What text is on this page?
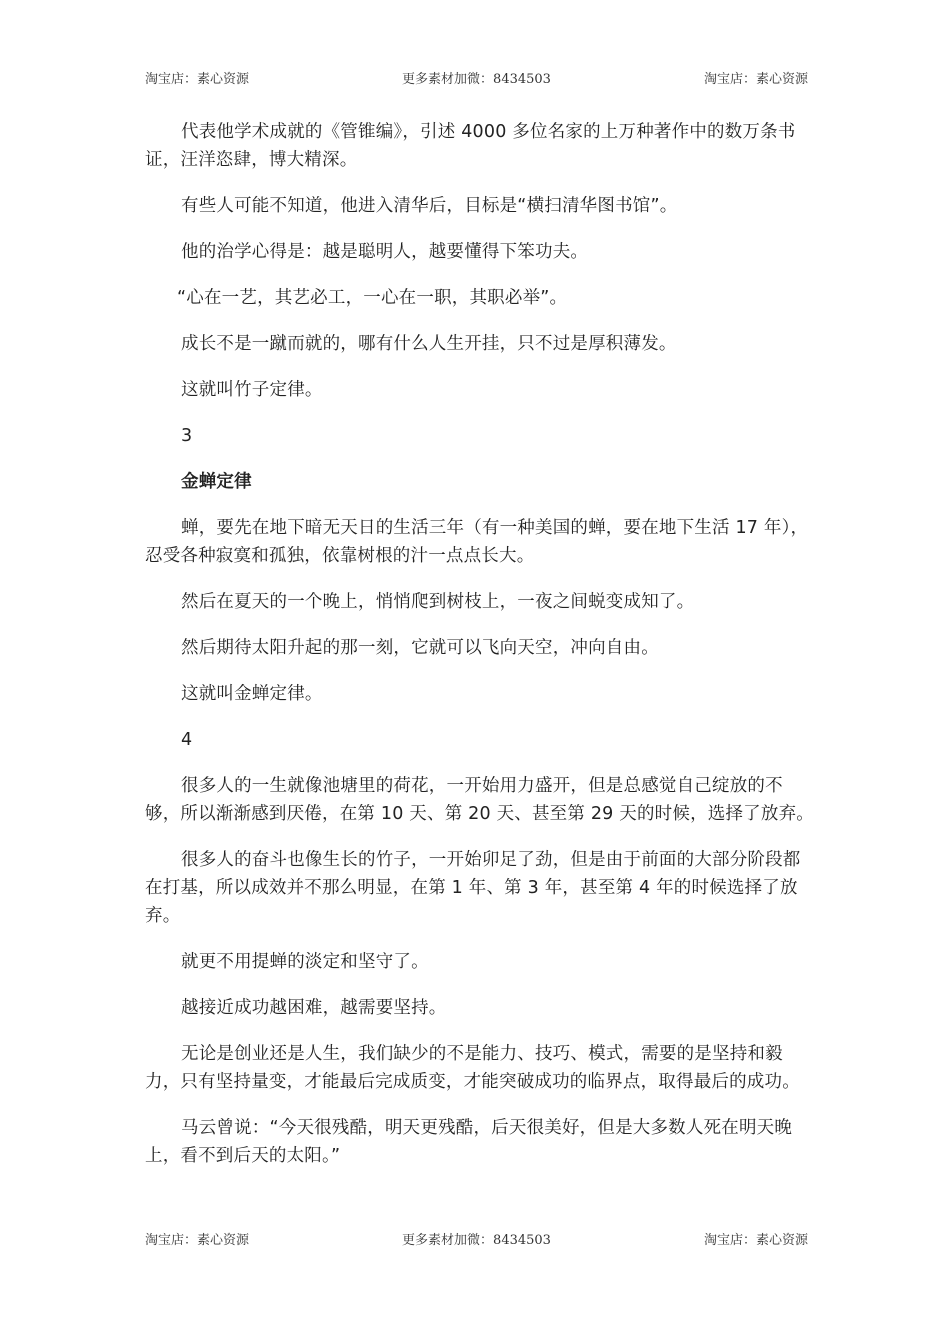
淘宝店：素心资源	更多素材加微：8434503	淘宝店：素心资源

代表他学术成就的《管锥编》，引述 4000 多位名家的上万种著作中的数万条书证，汪洋恣肆，博大精深。

有些人可能不知道，他进入清华后，目标是“横扫清华图书馆”。

他的治学心得是：越是聪明人，越要懂得下笨功夫。

“心在一艺，其艺必工，一心在一职，其职必举”。

成长不是一蹴而就的，哪有什么人生开挂，只不过是厚积薄发。

这就叫竹子定律。

3

金蝉定律

蝉，要先在地下暗无天日的生活三年（有一种美国的蝉，要在地下生活 17 年），忍受各种寂寞和孤独，依靠树根的汁一点点长大。

然后在夏天的一个晚上，悄悄爬到树枝上，一夜之间蜕变成知了。

然后期待太阳升起的那一刻，它就可以飞向天空，冲向自由。

这就叫金蝉定律。

4

很多人的一生就像池塘里的荷花，一开始用力盛开，但是总感觉自己绽放的不够，所以渐渐感到厌倦，在第 10 天、第 20 天、甚至第 29 天的时候，选择了放弃。

很多人的奋斗也像生长的竹子，一开始卯足了劲，但是由于前面的大部分阶段都在打基，所以成效并不那么明显，在第 1 年、第 3 年，甚至第 4 年的时候选择了放弃。

就更不用提蝉的淡定和坚守了。

越接近成功越困难，越需要坚持。

无论是创业还是人生，我们缺少的不是能力、技巧、模式，需要的是坚持和毅力，只有坚持量变，才能最后完成质变，才能突破成功的临界点，取得最后的成功。

马云曾说：“今天很残酷，明天更残酷，后天很美好，但是大多数人死在明天晚上，看不到后天的太阳。”

淘宝店：素心资源	更多素材加微：8434503	淘宝店：素心资源
